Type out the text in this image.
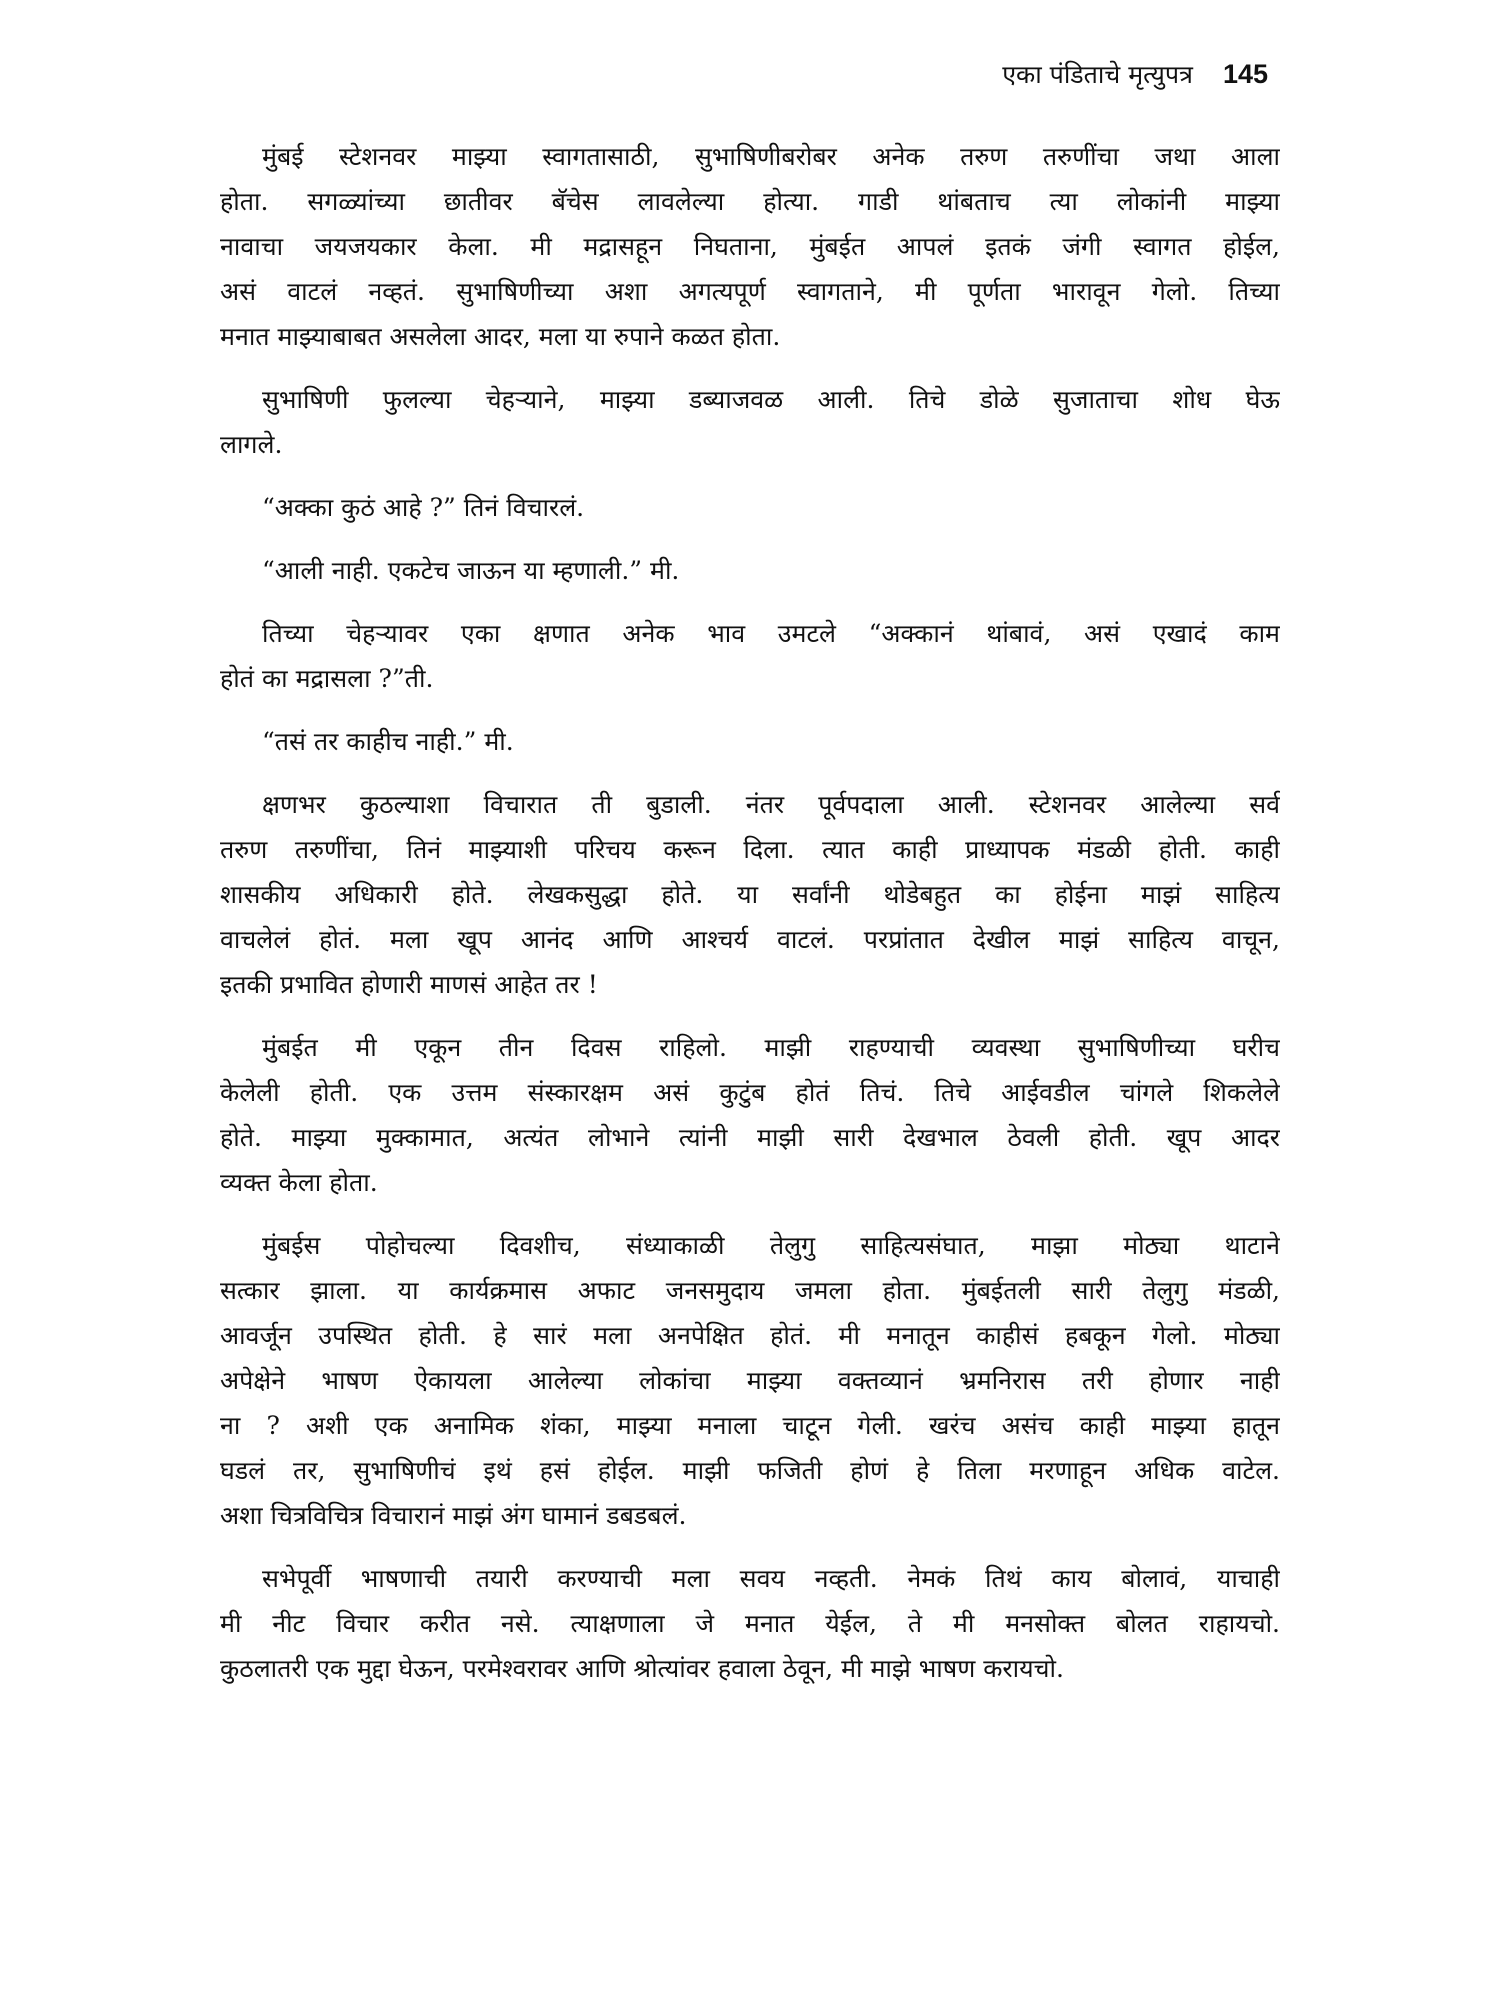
एका पंडिताचे मृत्युपत्र 145
मुंबई स्टेशनवर माझ्या स्वागतासाठी, सुभाषिणीबरोबर अनेक तरुण तरुणींचा जथा आला
होता. सगळ्यांच्या छातीवर बॅचेस लावलेल्या होत्या. गाडी थांबताच त्या लोकांनी माझ्या
नावाचा जयजयकार केला. मी मद्रासहून निघताना, मुंबईत आपलं इतकं जंगी स्वागत होईल,
असं वाटलं नव्हतं. सुभाषिणीच्या अशा अगत्यपूर्ण स्वागताने, मी पूर्णता भारावून गेलो. तिच्या
मनात माझ्याबाबत असलेला आदर, मला या रुपाने कळत होता.
सुभाषिणी फुलल्या चेहऱ्याने, माझ्या डब्याजवळ आली. तिचे डोळे सुजाताचा शोध घेऊ
लागले.
“अक्का कुठं आहे ?” तिनं विचारलं.
“आली नाही. एकटेच जाऊन या म्हणाली.” मी.
तिच्या चेहऱ्यावर एका क्षणात अनेक भाव उमटले “अक्कानं थांबावं, असं एखादं काम
होतं का मद्रासला ?”ती.
“तसं तर काहीच नाही.” मी.
क्षणभर कुठल्याशा विचारात ती बुडाली. नंतर पूर्वपदाला आली. स्टेशनवर आलेल्या सर्व
तरुण तरुणींचा, तिनं माझ्याशी परिचय करून दिला. त्यात काही प्राध्यापक मंडळी होती. काही
शासकीय अधिकारी होते. लेखकसुद्धा होते. या सर्वांनी थोडेबहुत का होईना माझं साहित्य
वाचलेलं होतं. मला खूप आनंद आणि आश्चर्य वाटलं. परप्रांतात देखील माझं साहित्य वाचून,
इतकी प्रभावित होणारी माणसं आहेत तर !
मुंबईत मी एकून तीन दिवस राहिलो. माझी राहण्याची व्यवस्था सुभाषिणीच्या घरीच
केलेली होती. एक उत्तम संस्कारक्षम असं कुटुंब होतं तिचं. तिचे आईवडील चांगले शिकलेले
होते. माझ्या मुक्कामात, अत्यंत लोभाने त्यांनी माझी सारी देखभाल ठेवली होती. खूप आदर
व्यक्त केला होता.
मुंबईस पोहोचल्या दिवशीच, संध्याकाळी तेलुगु साहित्यसंघात, माझा मोठ्या थाटाने
सत्कार झाला. या कार्यक्रमास अफाट जनसमुदाय जमला होता. मुंबईतली सारी तेलुगु मंडळी,
आवर्जून उपस्थित होती. हे सारं मला अनपेक्षित होतं. मी मनातून काहीसं हबकून गेलो. मोठ्या
अपेक्षेने भाषण ऐकायला आलेल्या लोकांचा माझ्या वक्तव्यानं भ्रमनिरास तरी होणार नाही
ना ? अशी एक अनामिक शंका, माझ्या मनाला चाटून गेली. खरंच असंच काही माझ्या हातून
घडलं तर, सुभाषिणीचं इथं हसं होईल. माझी फजिती होणं हे तिला मरणाहून अधिक वाटेल.
अशा चित्रविचित्र विचारानं माझं अंग घामानं डबडबलं.
सभेपूर्वी भाषणाची तयारी करण्याची मला सवय नव्हती. नेमकं तिथं काय बोलावं, याचाही
मी नीट विचार करीत नसे. त्याक्षणाला जे मनात येईल, ते मी मनसोक्त बोलत राहायचो.
कुठलातरी एक मुद्दा घेऊन, परमेश्वरावर आणि श्रोत्यांवर हवाला ठेवून, मी माझे भाषण करायचो.
